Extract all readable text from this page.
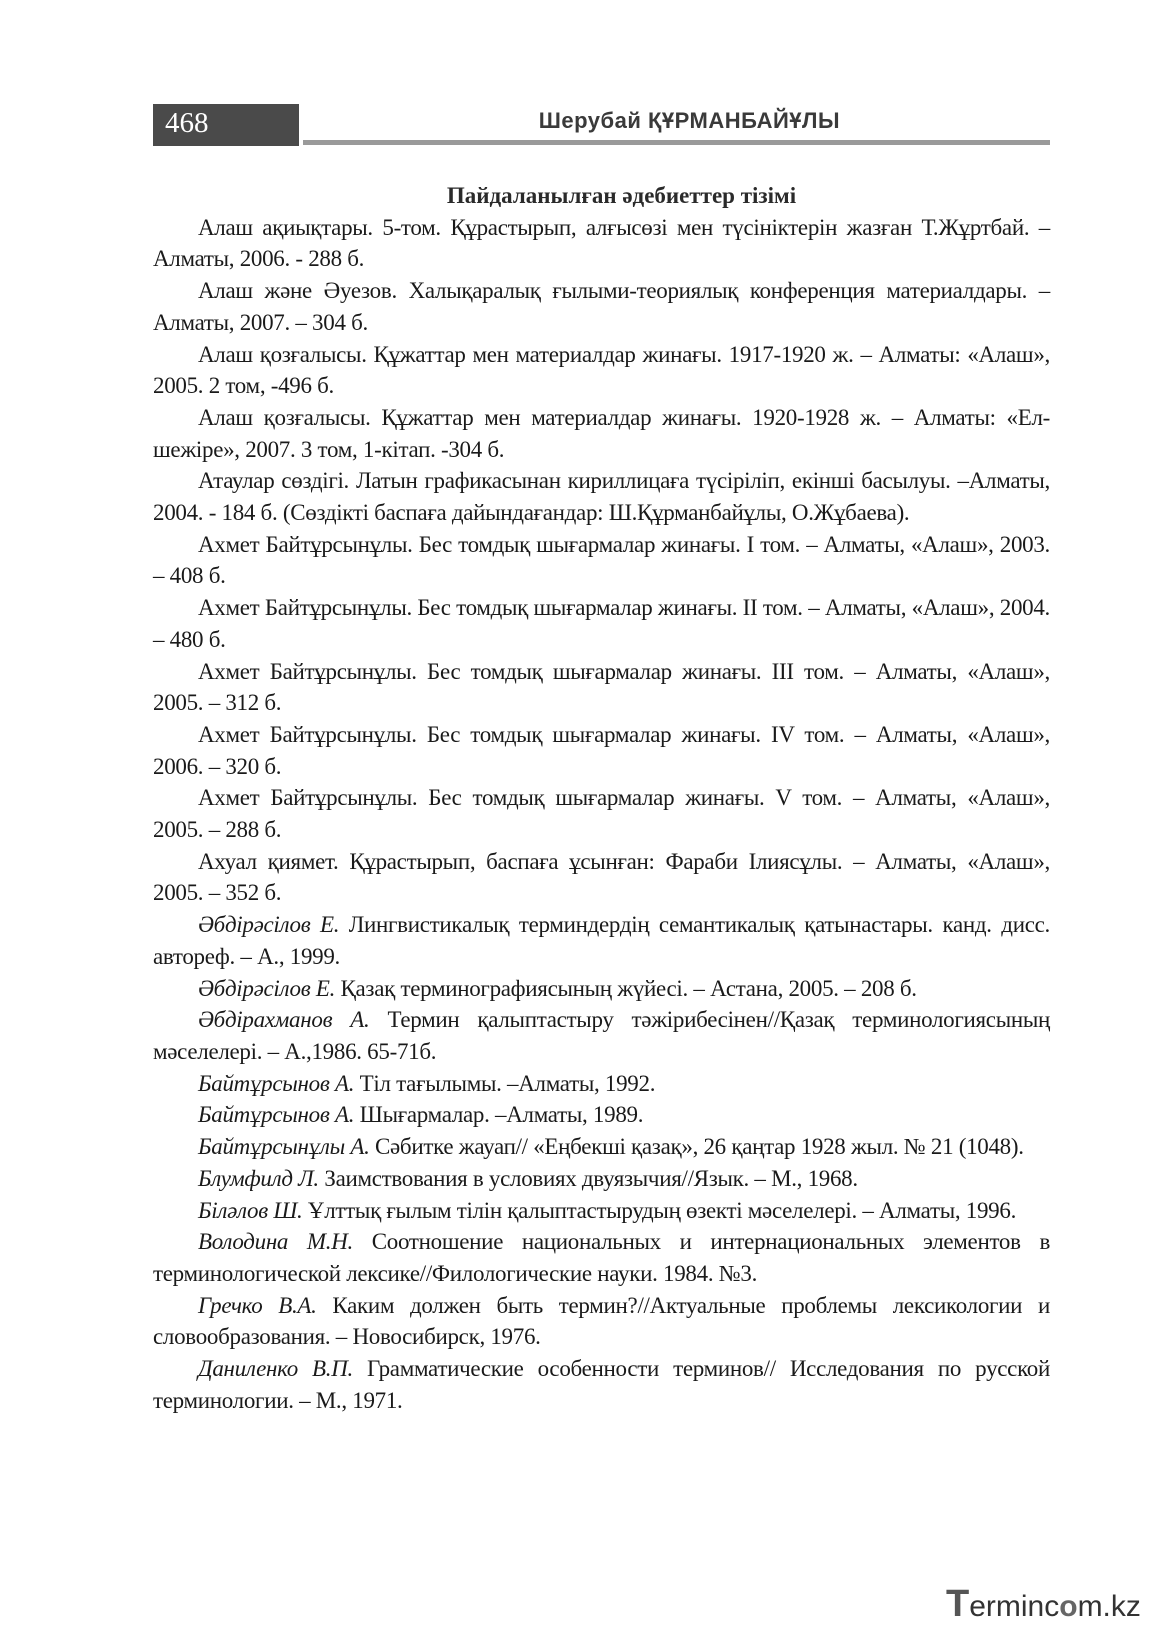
468	Шерубай ҚҰРМАНБАЙҰЛЫ

Пайдаланылған әдебиеттер тізімі

Алаш ақиықтары. 5-том. Құрастырып, алғысөзі мен түсініктерін жазған Т.Жұртбай. – Алматы, 2006. - 288 б.

Алаш және Әуезов. Халықаралық ғылыми-теориялық конференция материалдары. – Алматы, 2007. – 304 б.

Алаш қозғалысы. Құжаттар мен материалдар жинағы. 1917-1920 ж. – Алматы: «Алаш», 2005. 2 том, -496 б.

Алаш қозғалысы. Құжаттар мен материалдар жинағы. 1920-1928 ж. – Алматы: «Ел-шежіре», 2007. 3 том, 1-кітап. -304 б.

Атаулар сөздігі. Латын графикасынан кириллицаға түсіріліп, екінші басылуы. –Алматы, 2004. - 184 б. (Сөздікті баспаға дайындағандар: Ш.Құрманбайұлы, О.Жұбаева).

Ахмет Байтұрсынұлы. Бес томдық шығармалар жинағы. I том. – Алматы, «Алаш», 2003. – 408 б.

Ахмет Байтұрсынұлы. Бес томдық шығармалар жинағы. II том. – Алматы, «Алаш», 2004. – 480 б.

Ахмет Байтұрсынұлы. Бес томдық шығармалар жинағы. III том. – Алматы, «Алаш», 2005. – 312 б.

Ахмет Байтұрсынұлы. Бес томдық шығармалар жинағы. IV том. – Алматы, «Алаш», 2006. – 320 б.

Ахмет Байтұрсынұлы. Бес томдық шығармалар жинағы. V том. – Алматы, «Алаш», 2005. – 288 б.

Ахуал қиямет. Құрастырып, баспаға ұсынған: Фараби Ілиясұлы. – Алматы, «Алаш», 2005. – 352 б.

Әбдірәсілов Е. Лингвистикалық терминдердің семантикалық қатынастары. канд. дисс. автореф. – А., 1999.

Әбдірәсілов Е. Қазақ терминографиясының жүйесі. – Астана, 2005. – 208 б.

Әбдірахманов А. Термин қалыптастыру тәжірибесінен//Қазақ терминологиясының мәселелері. – А.,1986. 65-71б.

Байтұрсынов А. Тіл тағылымы. –Алматы, 1992.

Байтұрсынов А. Шығармалар. –Алматы, 1989.

Байтұрсынұлы А. Сәбитке жауап// «Еңбекші қазақ», 26 қаңтар 1928 жыл. № 21 (1048).

Блумфилд Л. Заимствования в условиях двуязычия//Язык. – М., 1968.

Біләлов Ш. Ұлттық ғылым тілін қалыптастырудың өзекті мәселелері. – Алматы, 1996.

Володина М.Н. Соотношение национальных и интернациональных элементов в терминологической лексике//Филологические науки. 1984. №3.

Гречко В.А. Каким должен быть термин?//Актуальные проблемы лексикологии и словообразования. – Новосибирск, 1976.

Даниленко В.П. Грамматические особенности терминов// Исследования по русской терминологии. – М., 1971.

Termincom.kz
